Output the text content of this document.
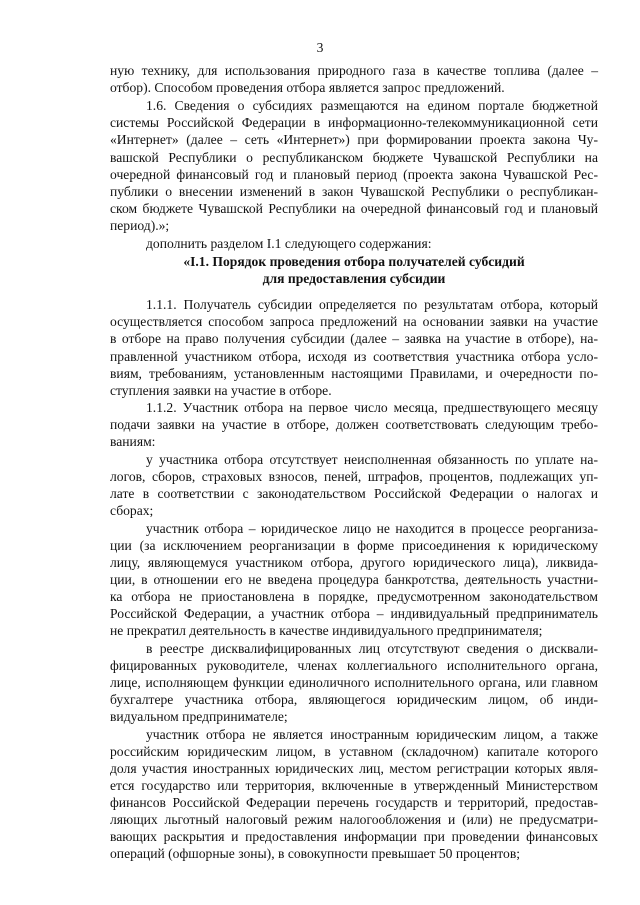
3
ную технику, для использования природного газа в качестве топлива (далее –
отбор). Способом проведения отбора является запрос предложений.
1.6. Сведения о субсидиях размещаются на едином портале бюджетной
системы Российской Федерации в информационно-телекоммуникационной сети
«Интернет» (далее – сеть «Интернет») при формировании проекта закона Чу-
вашской Республики о республиканском бюджете Чувашской Республики на
очередной финансовый год и плановый период (проекта закона Чувашской Рес-
публики о внесении изменений в закон Чувашской Республики о республикан-
ском бюджете Чувашской Республики на очередной финансовый год и плановый
период).»;
дополнить разделом I.1 следующего содержания:
«I.1. Порядок проведения отбора получателей субсидий
для предоставления субсидии
1.1.1. Получатель субсидии определяется по результатам отбора, который
осуществляется способом запроса предложений на основании заявки на участие
в отборе на право получения субсидии (далее – заявка на участие в отборе), на-
правленной участником отбора, исходя из соответствия участника отбора усло-
виям, требованиям, установленным настоящими Правилами, и очередности по-
ступления заявки на участие в отборе.
1.1.2. Участник отбора на первое число месяца, предшествующего месяцу
подачи заявки на участие в отборе, должен соответствовать следующим требо-
ваниям:
у участника отбора отсутствует неисполненная обязанность по уплате на-
логов, сборов, страховых взносов, пеней, штрафов, процентов, подлежащих уп-
лате в соответствии с законодательством Российской Федерации о налогах и
сборах;
участник отбора – юридическое лицо не находится в процессе реорганиза-
ции (за исключением реорганизации в форме присоединения к юридическому
лицу, являющемуся участником отбора, другого юридического лица), ликвида-
ции, в отношении его не введена процедура банкротства, деятельность участни-
ка отбора не приостановлена в порядке, предусмотренном законодательством
Российской Федерации, а участник отбора – индивидуальный предприниматель
не прекратил деятельность в качестве индивидуального предпринимателя;
в реестре дисквалифицированных лиц отсутствуют сведения о дисквали-
фицированных руководителе, членах коллегиального исполнительного органа,
лице, исполняющем функции единоличного исполнительного органа, или главном
бухгалтере участника отбора, являющегося юридическим лицом, об инди-
видуальном предпринимателе;
участник отбора не является иностранным юридическим лицом, а также
российским юридическим лицом, в уставном (складочном) капитале которого
доля участия иностранных юридических лиц, местом регистрации которых явля-
ется государство или территория, включенные в утвержденный Министерством
финансов Российской Федерации перечень государств и территорий, предостав-
ляющих льготный налоговый режим налогообложения и (или) не предусматри-
вающих раскрытия и предоставления информации при проведении финансовых
операций (офшорные зоны), в совокупности превышает 50 процентов;
